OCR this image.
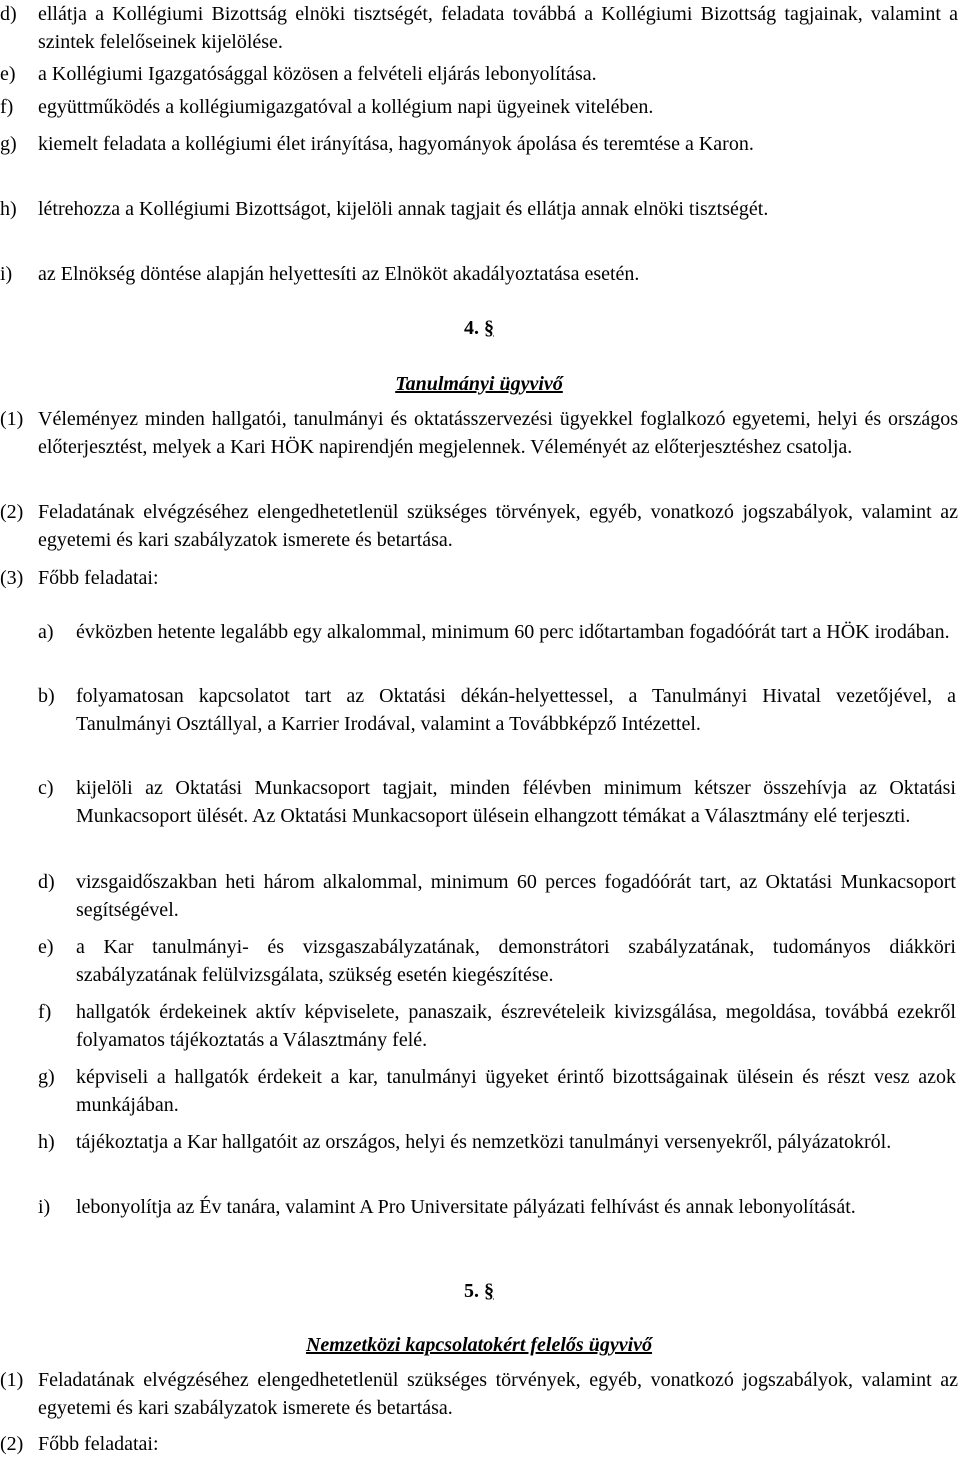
d) ellátja a Kollégiumi Bizottság elnöki tisztségét, feladata továbbá a Kollégiumi Bizottság tagjainak, valamint a szintek felelőseinek kijelölése.
e) a Kollégiumi Igazgatósággal közösen a felvételi eljárás lebonyolítása.
f) együttműködés a kollégiumigazgatóval a kollégium napi ügyeinek vitelében.
g) kiemelt feladata a kollégiumi élet irányítása, hagyományok ápolása és teremtése a Karon.
h) létrehozza a Kollégiumi Bizottságot, kijelöli annak tagjait és ellátja annak elnöki tisztségét.
i) az Elnökség döntése alapján helyettesíti az Elnököt akadályoztatása esetén.
4. §
Tanulmányi ügyvivő
(1) Véleményez minden hallgatói, tanulmányi és oktatásszervezési ügyekkel foglalkozó egyetemi, helyi és országos előterjesztést, melyek a Kari HÖK napirendjén megjelennek. Véleményét az előterjesztéshez csatolja.
(2) Feladatának elvégzéséhez elengedhetetlenül szükséges törvények, egyéb, vonatkozó jogszabályok, valamint az egyetemi és kari szabályzatok ismerete és betartása.
(3) Főbb feladatai:
a) évközben hetente legalább egy alkalommal, minimum 60 perc időtartamban fogadóórát tart a HÖK irodában.
b) folyamatosan kapcsolatot tart az Oktatási dékán-helyettessel, a Tanulmányi Hivatal vezetőjével, a Tanulmányi Osztállyal, a Karrier Irodával, valamint a Továbbképző Intézettel.
c) kijelöli az Oktatási Munkacsoport tagjait, minden félévben minimum kétszer összehívja az Oktatási Munkacsoport ülését. Az Oktatási Munkacsoport ülésein elhangzott témákat a Választmány elé terjeszti.
d) vizsgaidőszakban heti három alkalommal, minimum 60 perces fogadóórát tart, az Oktatási Munkacsoport segítségével.
e) a Kar tanulmányi- és vizsgaszabályzatának, demonstrátori szabályzatának, tudományos diákköri szabályzatának felülvizsgálata, szükség esetén kiegészítése.
f) hallgatók érdekeinek aktív képviselete, panaszaik, észrevételeik kivizsgálása, megoldása, továbbá ezekről folyamatos tájékoztatás a Választmány felé.
g) képviseli a hallgatók érdekeit a kar, tanulmányi ügyeket érintő bizottságainak ülésein és részt vesz azok munkájában.
h) tájékoztatja a Kar hallgatóit az országos, helyi és nemzetközi tanulmányi versenyekről, pályázatokról.
i) lebonyolítja az Év tanára, valamint A Pro Universitate pályázati felhívást és annak lebonyolítását.
5. §
Nemzetközi kapcsolatokért felelős ügyvivő
(1) Feladatának elvégzéséhez elengedhetetlenül szükséges törvények, egyéb, vonatkozó jogszabályok, valamint az egyetemi és kari szabályzatok ismerete és betartása.
(2) Főbb feladatai:
